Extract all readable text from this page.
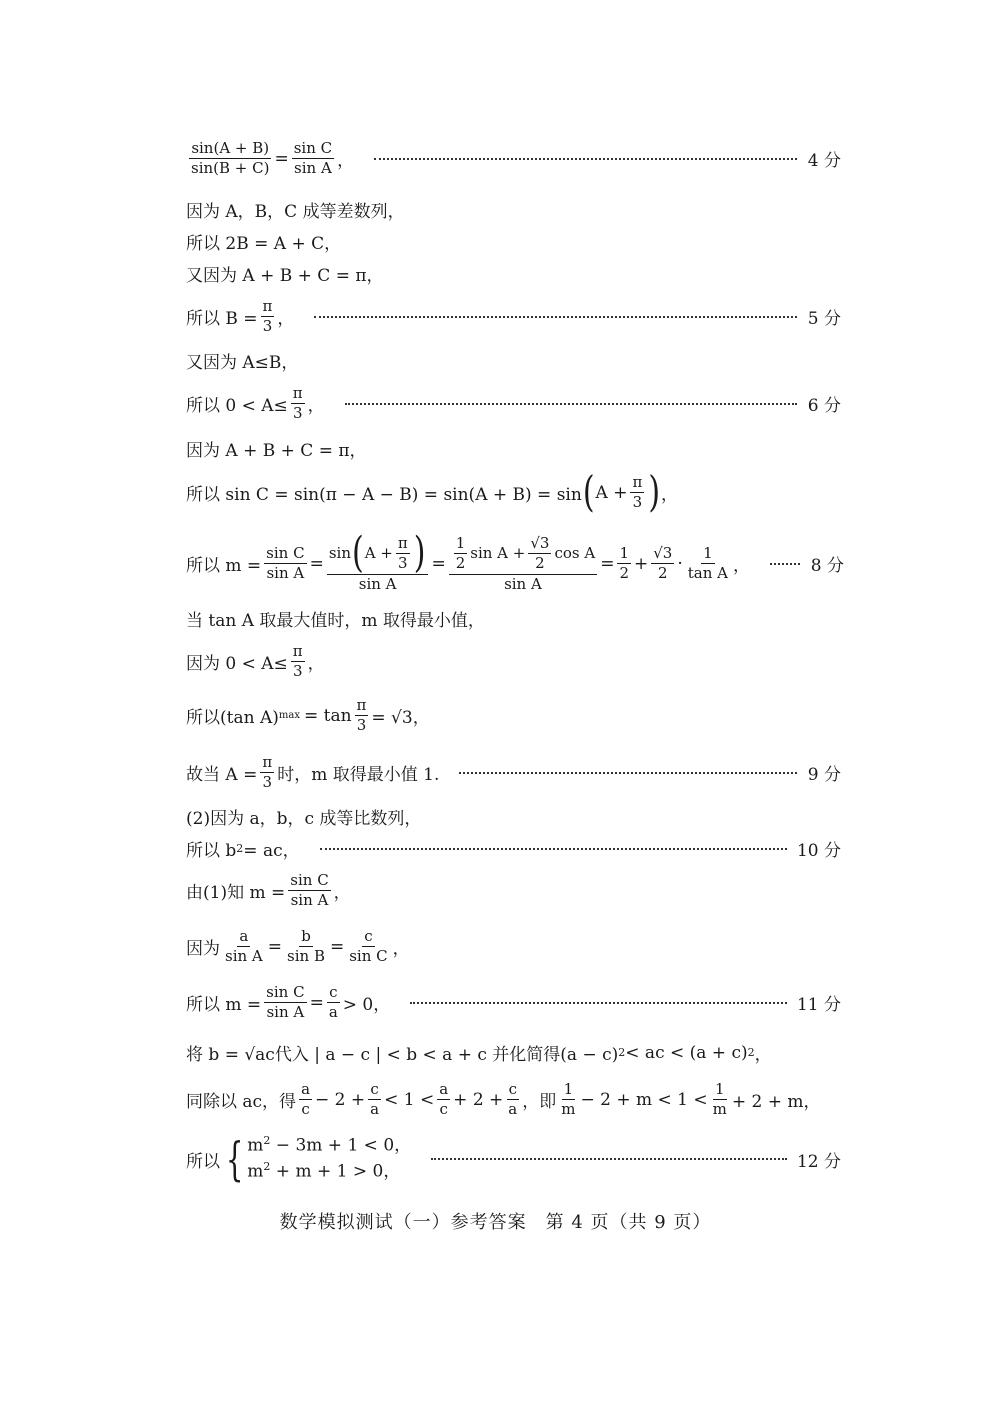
$\frac{\sin(A + B)}{\sin(B + C)} = \frac{\text{sin C}}{\text{sin A}}$ ，	4 分
因为 A，B，C 成等差数列，
所以 2B = A + C，
又因为 A + B + C = π，
所以 $B = \frac{\pi}{3}$ ，	5 分
又因为 A≤B，
所以 $0 < A\le \frac{\pi}{3}$ ，	6 分
因为 A + B + C = π，
所以 sin C = sin(π − A − B) = sin(A + B) = sin ( $A + \frac{\pi}{3}$ ) ，
所以 $m = \frac{\text{sin C}}{\text{sin A}} = \frac{\sin ( A + \frac{\pi}{3} )}{\text{sin A}} = \frac{\frac{1}{2} \sin A + \frac{√3}{2} \cos A}{\text{sin A}} = \frac{1}{2} + \frac{√3}{2} \cdot \frac{1}{\text{tan A}}$ ，	8 分
当 tan A 取最大值时，m 取得最小值，
因为 $0 < A\le \frac{\pi}{3}$ ，
所以(tan A) $\max = \tan \frac{\pi}{3} = √3$，
故当 $A = \frac{\pi}{3}$ 时，m 取得最小值 1.	9 分
(2)因为 a，b，c 成等比数列，
所以 b 2 = ac，	10 分
由(1)知 $m = \frac{\text{sin C}}{\text{sin A}}$ ，
因为 $\frac{a}{\text{sin A}} = \frac{b}{\text{sin B}} = \frac{c}{\text{sin C}}$ ，
所以 $m = \frac{\text{sin C}}{\text{sin A}} = \frac{c}{a} > 0$，	11 分
将 b = √ac代入 | a − c | < b < a + c 并化简得(a − c) 2 < ac < (a + c) 2 ，
同除以 ac，得 $\frac{a}{c} - 2 + \frac{c}{a} < 1 < \frac{a}{c} + 2 + \frac{c}{a}$ ，即 $\frac{1}{m} - 2 + m < 1 < \frac{1}{m} + 2 + m$，
所以 { $m^2 - 3m + 1 < 0$，
$m^2 + m + 1 > 0$，
12 分
数学模拟测试（一）参考答案　第 4 页（共 9 页）
